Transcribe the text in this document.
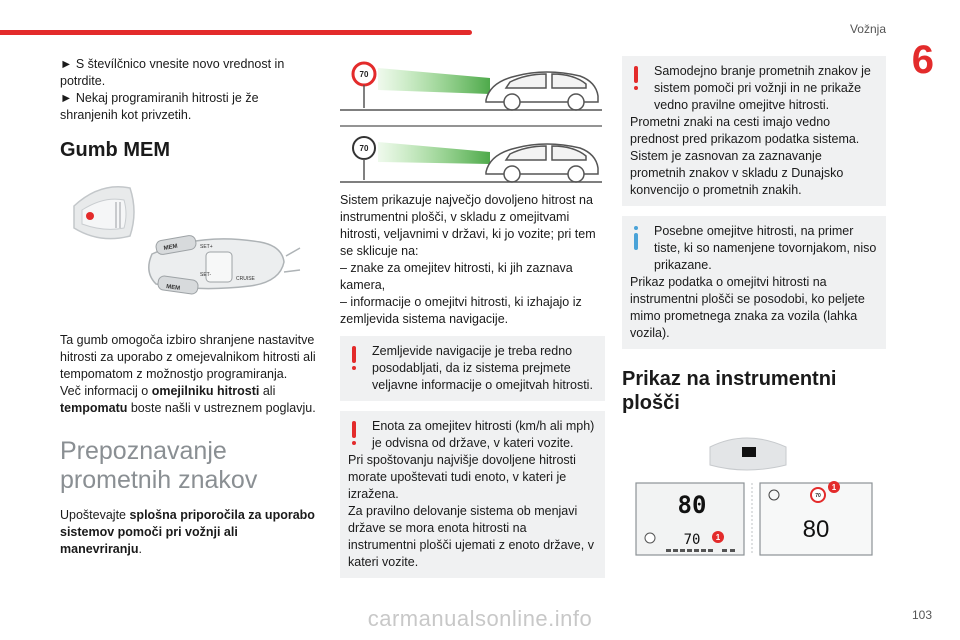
Vožnja
6

► S števílčnico vnesite novo vrednost in potrdite.

► Nekaj programiranih hitrosti je že shranjenih kot privzetih.

Gumb MEM
MEM
MEM
SET+
SET-
CRUISE

Ta gumb omogoča izbiro shranjene nastavitve hitrosti za uporabo z omejevalnikom hitrosti ali tempomatom z možnostjo programiranja.

Več informacij o omejilniku hitrosti ali tempomatu boste našli v ustreznem poglavju.

Prepoznavanje prometnih znakov

Upoštevajte splošna priporočila za uporabo sistemov pomoči pri vožnji ali manevriranju.

70
70

Sistem prikazuje največjo dovoljeno hitrost na instrumentni plošči, v skladu z omejitvami hitrosti, veljavnimi v državi, ki jo vozite; pri tem se sklicuje na:

– znake za omejitev hitrosti, ki jih zaznava kamera,

– informacije o omejitvi hitrosti, ki izhajajo iz zemljevida sistema navigacije.

Zemljevide navigacije je treba redno posodabljati, da iz sistema prejmete veljavne informacije o omejitvah hitrosti.

Enota za omejitev hitrosti (km/h ali mph) je odvisna od države, v kateri vozite.

Pri spoštovanju najvišje dovoljene hitrosti morate upoštevati tudi enoto, v kateri je izražena.

Za pravilno delovanje sistema ob menjavi države se mora enota hitrosti na instrumentni plošči ujemati z enoto države, v kateri vozite.

Samodejno branje prometnih znakov je sistem pomoči pri vožnji in ne prikaže vedno pravilne omejitve hitrosti.

Prometni znaki na cesti imajo vedno prednost pred prikazom podatka sistema.

Sistem je zasnovan za zaznavanje prometnih znakov v skladu z Dunajsko konvencijo o prometnih znakih.

Posebne omejitve hitrosti, na primer tiste, ki so namenjene tovornjakom, niso prikazane.

Prikaz podatka o omejitvi hitrosti na instrumentni plošči se posodobi, ko peljete mimo prometnega znaka za vozila (lahka vozila).

Prikaz na instrumentni plošči
80
70 1
70
1
80
103
carmanualsonline.info
